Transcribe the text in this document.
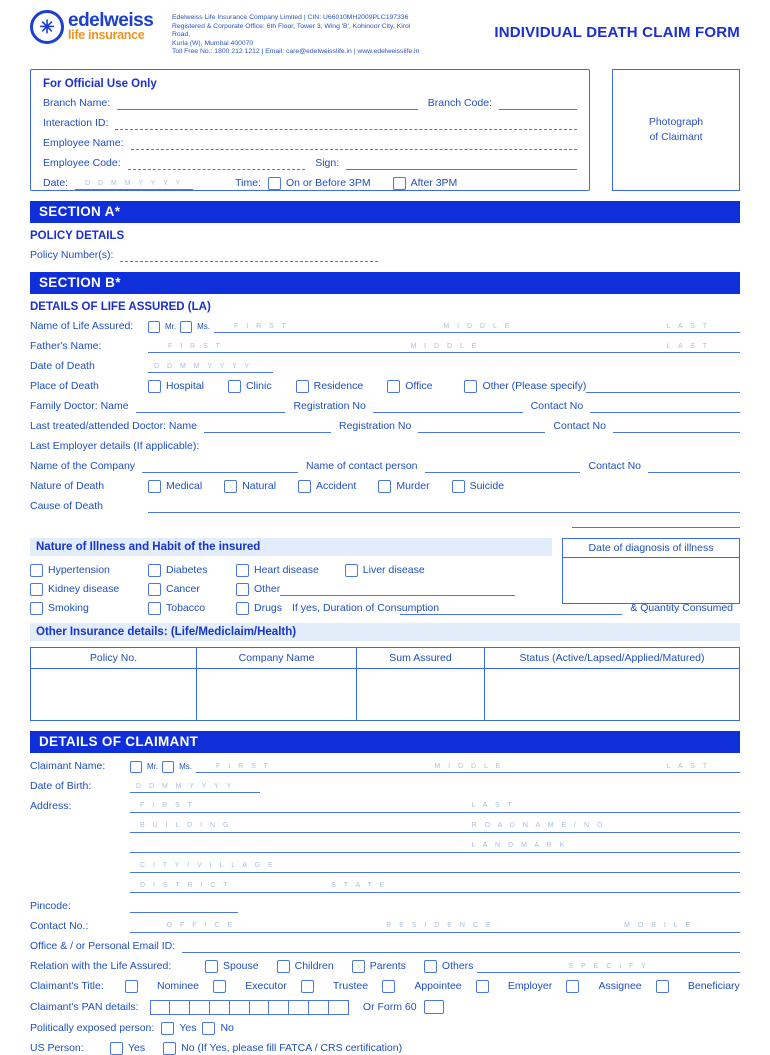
✳ edelweiss
life insurance
Edelweiss Life Insurance Company Limited | CIN: U66010MH2009PLC197336
Registered & Corporate Office: 6th Floor, Tower 3, Wing 'B', Kohinoor City, Kirol Road,
Kurla (W), Mumbai 400070
Toll Free No.: 1800 212 1212 | Email: care@edelweisslife.in | www.edelweisslife.in
INDIVIDUAL DEATH CLAIM FORM
For Official Use Only
Branch Name:	Branch Code:
Interaction ID:
Employee Name:
Employee Code:	Sign:
Date:	D D M M Y Y Y Y	Time:	On or Before 3PM	After 3PM
Photograph
of Claimant
SECTION A*
POLICY DETAILS
Policy Number(s):
SECTION B*
DETAILS OF LIFE ASSURED (LA)
Name of Life Assured:	Mr.	Ms.	F I R S T	M I D D L E	L A S T
Father's Name:	F I R S T	M I D D L E	L A S T
Date of Death	D D M M Y Y Y Y
Place of Death	Hospital	Clinic	Residence	Office	Other (Please specify)
Family Doctor: Name	Registration No	Contact No
Last treated/attended Doctor: Name	Registration No	Contact No
Last Employer details (If applicable):
Name of the Company	Name of contact person	Contact No
Nature of Death	Medical	Natural	Accident	Murder	Suicide
Cause of Death
Nature of Illness and Habit of the insured
Hypertension	Diabetes	Heart disease	Liver disease
Kidney disease	Cancer	Other
Smoking	Tobacco	Drugs If yes, Duration of Consumption
Date of diagnosis of illness
& Quantity Consumed
Other Insurance details: (Life/Mediclaim/Health)
Policy No.	Company Name	Sum Assured	Status (Active/Lapsed/Applied/Matured)

DETAILS OF CLAIMANT
Claimant Name:	Mr.	Ms.	F I R S T	M I D D L E	L A S T
Date of Birth:	D D M M Y Y Y Y
Address:	F I R S T	L A S T
B U I L D I N G	R O A D N A M E / N O
L A N D M A R K
C I T Y / V I L L A G E
D I S T R I C T	S T A T E
Pincode:
Contact No.:	O F F I C E	R E S I D E N C E	M O B I L E
Office & / or Personal Email ID:
Relation with the Life Assured:	Spouse	Children	Parents	Others	S P E C I F Y
Claimant's Title:	Nominee	Executor	Trustee	Appointee	Employer	Assignee	Beneficiary
Claimant's PAN details:	Or Form 60
Politically exposed person:	Yes No
US Person:	Yes	No (If Yes, please fill FATCA / CRS certification)
